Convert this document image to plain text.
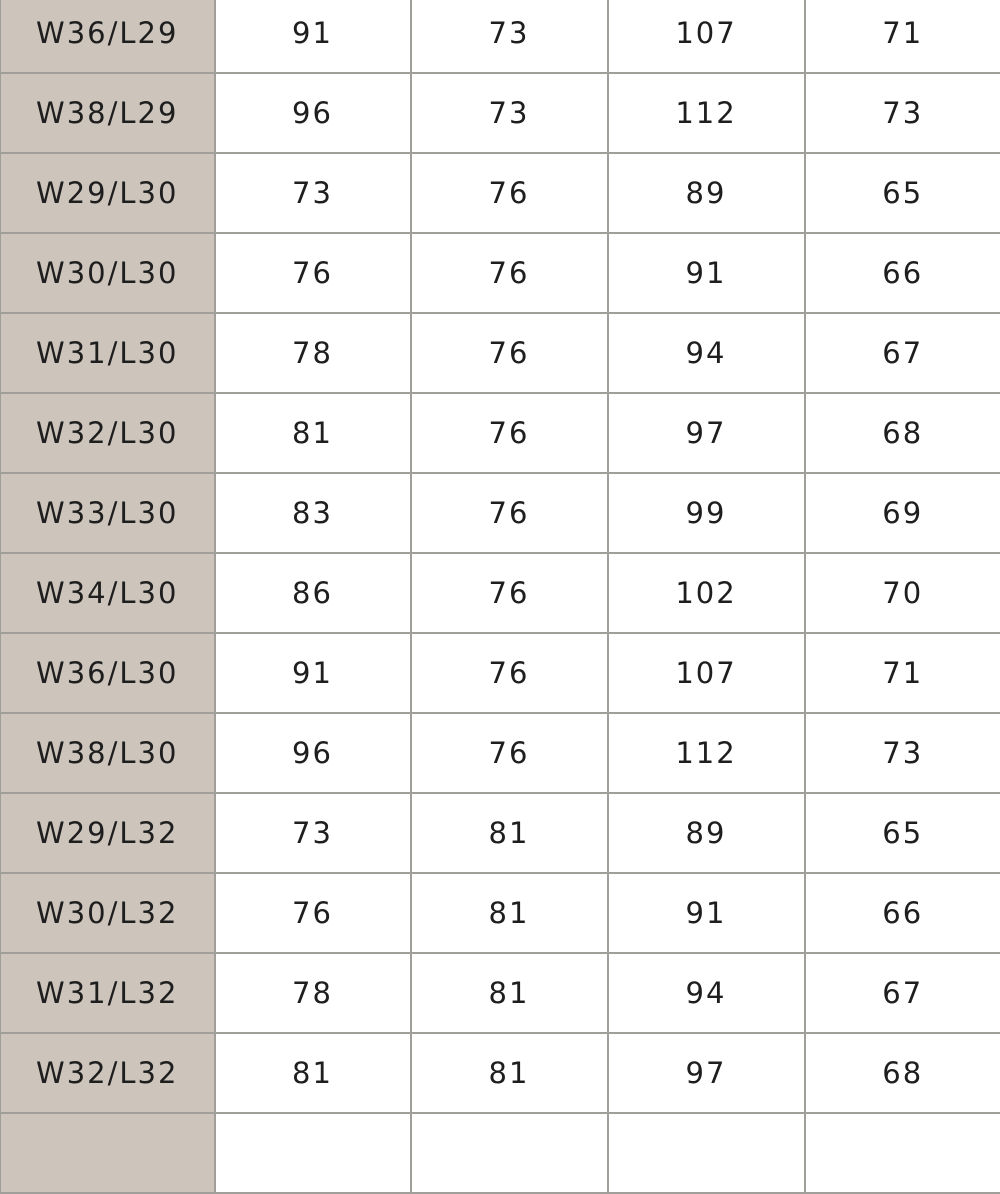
W36/L29	91	73	107	71
W38/L29	96	73	112	73
W29/L30	73	76	89	65
W30/L30	76	76	91	66
W31/L30	78	76	94	67
W32/L30	81	76	97	68
W33/L30	83	76	99	69
W34/L30	86	76	102	70
W36/L30	91	76	107	71
W38/L30	96	76	112	73
W29/L32	73	81	89	65
W30/L32	76	81	91	66
W31/L32	78	81	94	67
W32/L32	81	81	97	68
